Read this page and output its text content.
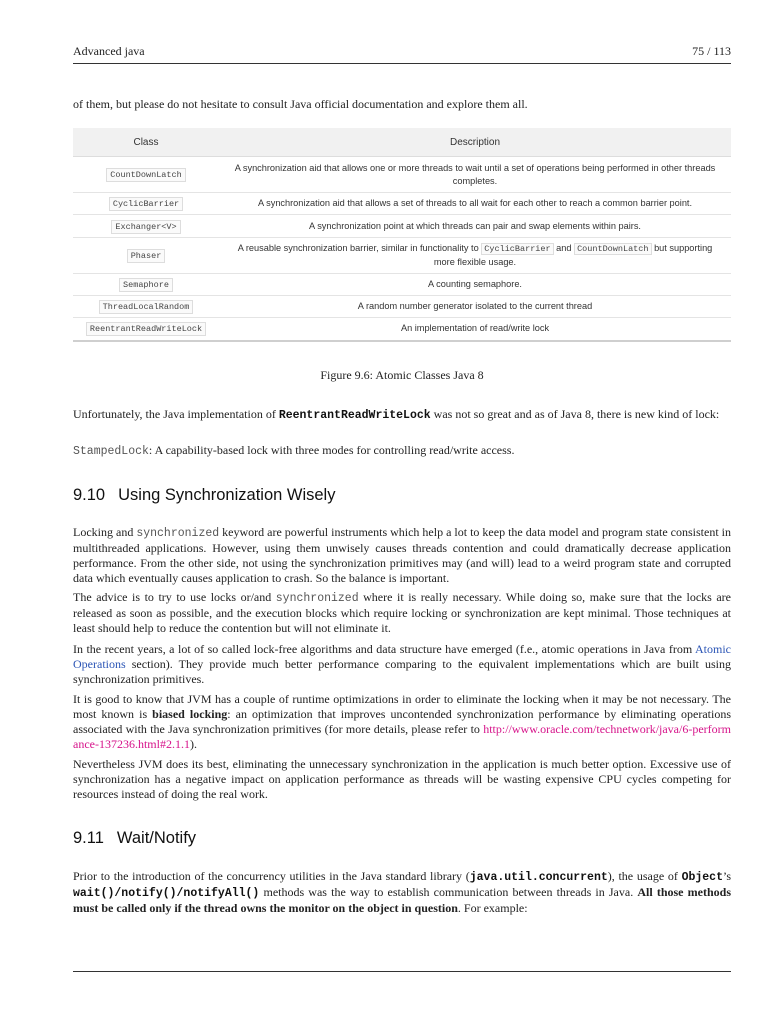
Advanced java	75 / 113
of them, but please do not hesitate to consult Java official documentation and explore them all.
Class	Description
CountDownLatch	A synchronization aid that allows one or more threads to wait until a set of operations being performed in other threads completes.
CyclicBarrier	A synchronization aid that allows a set of threads to all wait for each other to reach a common barrier point.
Exchanger<V>	A synchronization point at which threads can pair and swap elements within pairs.
Phaser	A reusable synchronization barrier, similar in functionality to CyclicBarrier and CountDownLatch but supporting more flexible usage.
Semaphore	A counting semaphore.
ThreadLocalRandom	A random number generator isolated to the current thread
ReentrantReadWriteLock	An implementation of read/write lock
Figure 9.6: Atomic Classes Java 8
Unfortunately, the Java implementation of ReentrantReadWriteLock was not so great and as of Java 8, there is new kind of lock:
StampedLock: A capability-based lock with three modes for controlling read/write access.
9.10 Using Synchronization Wisely
Locking and synchronized keyword are powerful instruments which help a lot to keep the data model and program state consistent in multithreaded applications. However, using them unwisely causes threads contention and could dramatically decrease application performance. From the other side, not using the synchronization primitives may (and will) lead to a weird program state and corrupted data which eventually causes application to crash. So the balance is important.
The advice is to try to use locks or/and synchronized where it is really necessary. While doing so, make sure that the locks are released as soon as possible, and the execution blocks which require locking or synchronization are kept minimal. Those techniques at least should help to reduce the contention but will not eliminate it.
In the recent years, a lot of so called lock-free algorithms and data structure have emerged (f.e., atomic operations in Java from Atomic Operations section). They provide much better performance comparing to the equivalent implementations which are built using synchronization primitives.
It is good to know that JVM has a couple of runtime optimizations in order to eliminate the locking when it may be not necessary. The most known is biased locking: an optimization that improves uncontended synchronization performance by eliminating operations associated with the Java synchronization primitives (for more details, please refer to http://www.oracle.com/technetwork/java/6-performance-137236.html#2.1.1).
Nevertheless JVM does its best, eliminating the unnecessary synchronization in the application is much better option. Excessive use of synchronization has a negative impact on application performance as threads will be wasting expensive CPU cycles competing for resources instead of doing the real work.
9.11 Wait/Notify
Prior to the introduction of the concurrency utilities in the Java standard library (java.util.concurrent), the usage of Object’s wait()/notify()/notifyAll() methods was the way to establish communication between threads in Java. All those methods must be called only if the thread owns the monitor on the object in question. For example:
